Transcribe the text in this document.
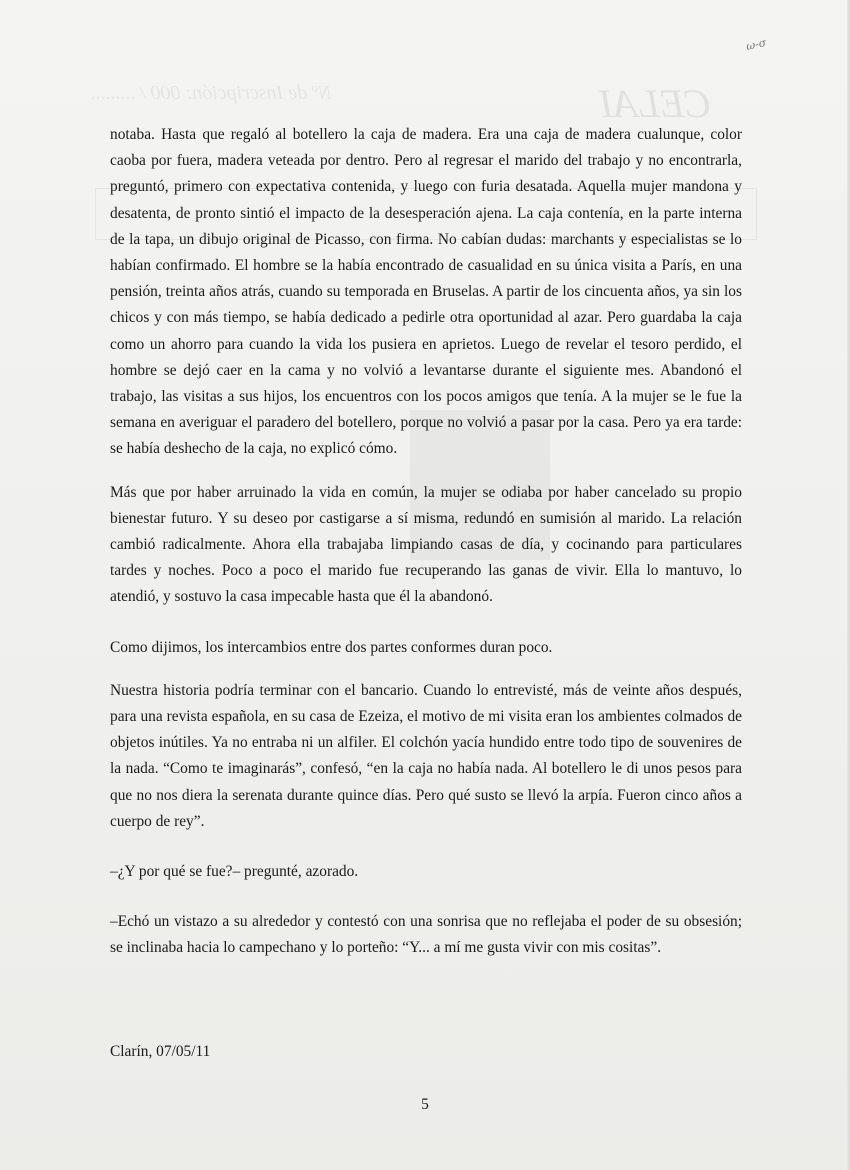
CELAI
Nº de Inscripción: 000 / .........
ω-σ

notaba. Hasta que regaló al botellero la caja de madera. Era una caja de madera cualunque, color caoba por fuera, madera veteada por dentro. Pero al regresar el marido del trabajo y no encontrarla, preguntó, primero con expectativa contenida, y luego con furia desatada. Aquella mujer mandona y desatenta, de pronto sintió el impacto de la desesperación ajena. La caja contenía, en la parte interna de la tapa, un dibujo original de Picasso, con firma. No cabían dudas: marchants y especialistas se lo habían confirmado. El hombre se la había encontrado de casualidad en su única visita a París, en una pensión, treinta años atrás, cuando su temporada en Bruselas. A partir de los cincuenta años, ya sin los chicos y con más tiempo, se había dedicado a pedirle otra oportunidad al azar. Pero guardaba la caja como un ahorro para cuando la vida los pusiera en aprietos. Luego de revelar el tesoro perdido, el hombre se dejó caer en la cama y no volvió a levantarse durante el siguiente mes. Abandonó el trabajo, las visitas a sus hijos, los encuentros con los pocos amigos que tenía. A la mujer se le fue la semana en averiguar el paradero del botellero, porque no volvió a pasar por la casa. Pero ya era tarde: se había deshecho de la caja, no explicó cómo.

Más que por haber arruinado la vida en común, la mujer se odiaba por haber cancelado su propio bienestar futuro. Y su deseo por castigarse a sí misma, redundó en sumisión al marido. La relación cambió radicalmente. Ahora ella trabajaba limpiando casas de día, y cocinando para particulares tardes y noches. Poco a poco el marido fue recuperando las ganas de vivir. Ella lo mantuvo, lo atendió, y sostuvo la casa impecable hasta que él la abandonó.

Como dijimos, los intercambios entre dos partes conformes duran poco.

Nuestra historia podría terminar con el bancario. Cuando lo entrevisté, más de veinte años después, para una revista española, en su casa de Ezeiza, el motivo de mi visita eran los ambientes colmados de objetos inútiles. Ya no entraba ni un alfiler. El colchón yacía hundido entre todo tipo de souvenires de la nada. “Como te imaginarás”, confesó, “en la caja no había nada. Al botellero le di unos pesos para que no nos diera la serenata durante quince días. Pero qué susto se llevó la arpía. Fueron cinco años a cuerpo de rey”.

–¿Y por qué se fue?– pregunté, azorado.

–Echó un vistazo a su alrededor y contestó con una sonrisa que no reflejaba el poder de su obsesión; se inclinaba hacia lo campechano y lo porteño: “Y... a mí me gusta vivir con mis cositas”.

Clarín, 07/05/11
5
